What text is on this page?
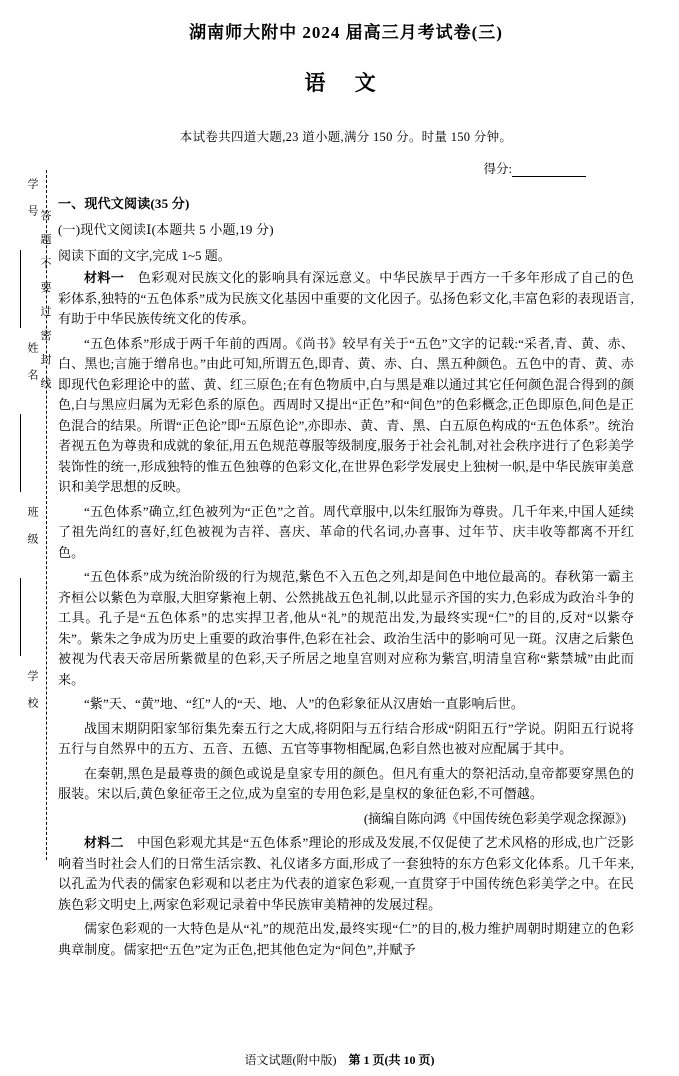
学 号
姓 名
班 级
学 校
答
题
不
要
过
密
封
线
湖南师大附中 2024 届高三月考试卷(三)
语 文
本试卷共四道大题,23 道小题,满分 150 分。时量 150 分钟。
得分:
一、现代文阅读(35 分)
(一)现代文阅读Ⅰ(本题共 5 小题,19 分)
阅读下面的文字,完成 1~5 题。

材料一　 色彩观对民族文化的影响具有深远意义。中华民族早于西方一千多年形成了自己的色彩体系,独特的“五色体系”成为民族文化基因中重要的文化因子。弘扬色彩文化,丰富色彩的表现语言,有助于中华民族传统文化的传承。

“五色体系”形成于两千年前的西周。《尚书》较早有关于“五色”文字的记载:“采者,青、黄、赤、白、黑也;言施于缯帛也。”由此可知,所谓五色,即青、黄、赤、白、黑五种颜色。五色中的青、黄、赤即现代色彩理论中的蓝、黄、红三原色;在有色物质中,白与黑是难以通过其它任何颜色混合得到的颜色,白与黑应归属为无彩色系的原色。西周时又提出“正色”和“间色”的色彩概念,正色即原色,间色是正色混合的结果。所谓“正色论”即“五原色论”,亦即赤、黄、青、黑、白五原色构成的“五色体系”。统治者视五色为尊贵和成就的象征,用五色规范尊服等级制度,服务于社会礼制,对社会秩序进行了色彩美学装饰性的统一,形成独特的惟五色独尊的色彩文化,在世界色彩学发展史上独树一帜,是中华民族审美意识和美学思想的反映。

“五色体系”确立,红色被列为“正色”之首。周代章服中,以朱红服饰为尊贵。几千年来,中国人延续了祖先尚红的喜好,红色被视为吉祥、喜庆、革命的代名词,办喜事、过年节、庆丰收等都离不开红色。

“五色体系”成为统治阶级的行为规范,紫色不入五色之列,却是间色中地位最高的。春秋第一霸主齐桓公以紫色为章服,大胆穿紫袍上朝、公然挑战五色礼制,以此显示齐国的实力,色彩成为政治斗争的工具。孔子是“五色体系”的忠实捍卫者,他从“礼”的规范出发,为最终实现“仁”的目的,反对“以紫夺朱”。紫朱之争成为历史上重要的政治事件,色彩在社会、政治生活中的影响可见一斑。汉唐之后紫色被视为代表天帝居所紫微星的色彩,天子所居之地皇宫则对应称为紫宫,明清皇宫称“紫禁城”由此而来。

“紫”天、“黄”地、“红”人的“天、地、人”的色彩象征从汉唐始一直影响后世。

战国末期阴阳家邹衍集先秦五行之大成,将阴阳与五行结合形成“阴阳五行”学说。阴阳五行说将五行与自然界中的五方、五音、五德、五官等事物相配属,色彩自然也被对应配属于其中。

在秦朝,黑色是最尊贵的颜色或说是皇家专用的颜色。但凡有重大的祭祀活动,皇帝都要穿黑色的服装。宋以后,黄色象征帝王之位,成为皇室的专用色彩,是皇权的象征色彩,不可僭越。

(摘编自陈向鸿《中国传统色彩美学观念探源》)

材料二　 中国色彩观尤其是“五色体系”理论的形成及发展,不仅促使了艺术风格的形成,也广泛影响着当时社会人们的日常生活宗教、礼仪诸多方面,形成了一套独特的东方色彩文化体系。几千年来,以孔孟为代表的儒家色彩观和以老庄为代表的道家色彩观,一直贯穿于中国传统色彩美学之中。在民族色彩文明史上,两家色彩观记录着中华民族审美精神的发展过程。

儒家色彩观的一大特色是从“礼”的规范出发,最终实现“仁”的目的,极力维护周朝时期建立的色彩典章制度。儒家把“五色”定为正色,把其他色定为“间色”,并赋予

语文试题(附中版)　 第 1 页(共 10 页)
